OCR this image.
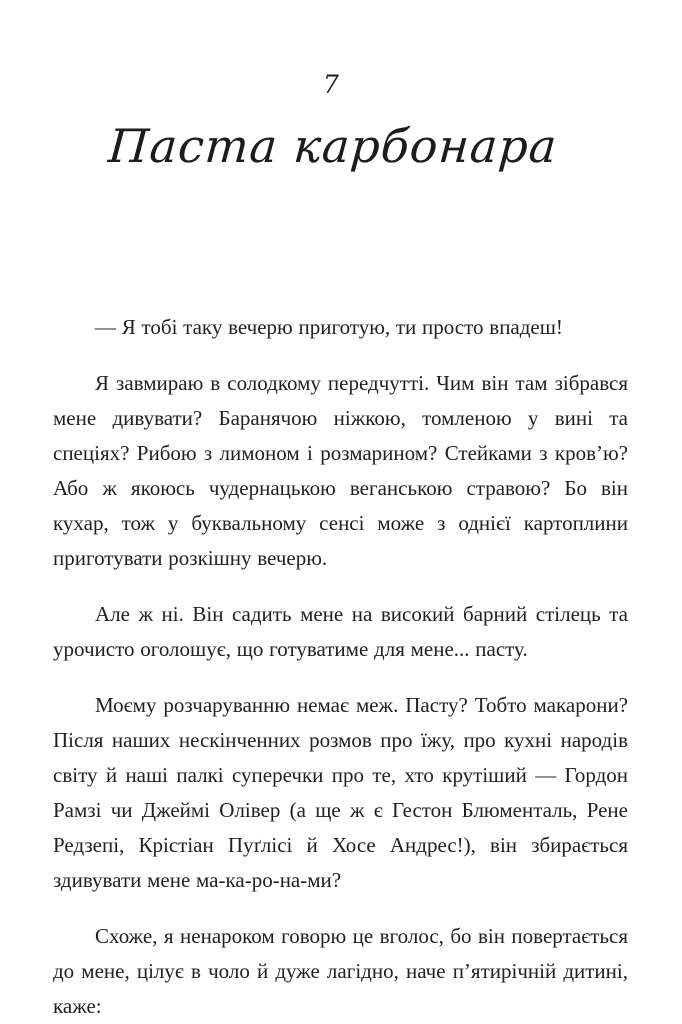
7
Паста карбонара

— Я тобі таку вечерю приготую, ти просто впадеш!

Я завмираю в солодкому передчутті. Чим він там зібрався мене дивувати? Баранячою ніжкою, томленою у вині та спеціях? Рибою з лимоном і розмарином? Стейками з кров’ю? Або ж якоюсь чудернацькою веганською стравою? Бо він кухар, тож у буквальному сенсі може з однієї картоплини приготувати розкішну вечерю.

Але ж ні. Він садить мене на високий барний стілець та урочисто оголошує, що готуватиме для мене... пасту.

Моєму розчаруванню немає меж. Пасту? Тобто макарони? Після наших нескінченних розмов про їжу, про кухні народів світу й наші палкі суперечки про те, хто крутіший — Гордон Рамзі чи Джеймі Олівер (а ще ж є Гестон Блюменталь, Рене Редзепі, Крістіан Пуґлісі й Хосе Андрес!), він збирається здивувати мене ма-ка-ро-на-ми?

Схоже, я ненароком говорю це вголос, бо він повертається до мене, цілує в чоло й дуже лагідно, наче п’ятирічній дитині, каже:
